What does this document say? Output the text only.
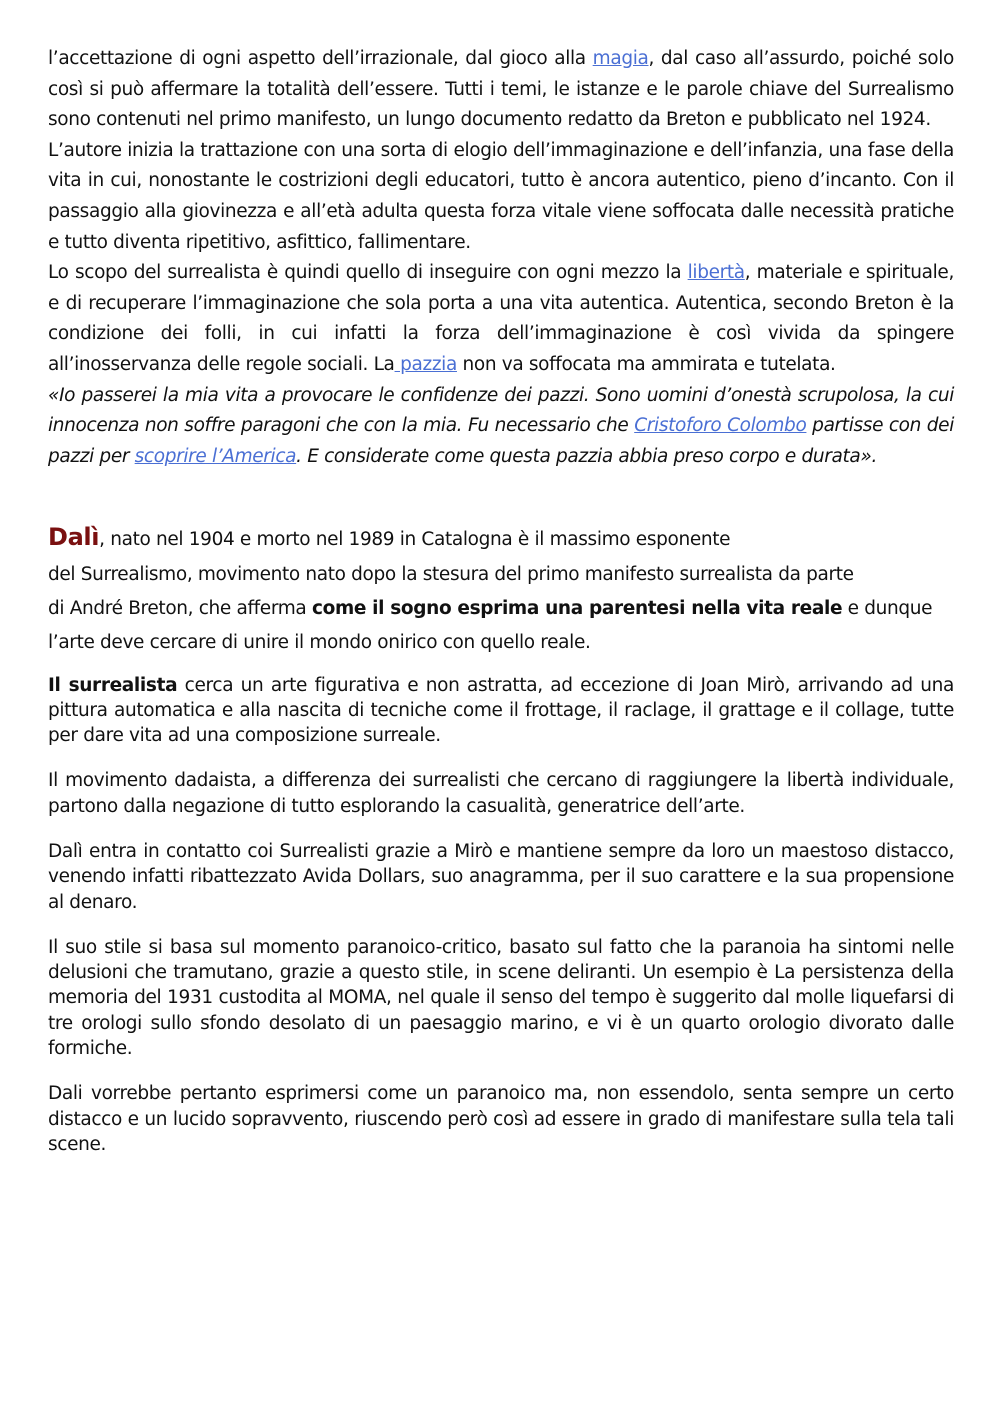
l’accettazione di ogni aspetto dell’irrazionale, dal gioco alla magia, dal caso all’assurdo, poiché solo così si può affermare la totalità dell’essere. Tutti i temi, le istanze e le parole chiave del Surrealismo sono contenuti nel primo manifesto, un lungo documento redatto da Breton e pubblicato nel 1924.

L’autore inizia la trattazione con una sorta di elogio dell’immaginazione e dell’infanzia, una fase della vita in cui, nonostante le costrizioni degli educatori, tutto è ancora autentico, pieno d’incanto. Con il passaggio alla giovinezza e all’età adulta questa forza vitale viene soffocata dalle necessità pratiche e tutto diventa ripetitivo, asfittico, fallimentare.

Lo scopo del surrealista è quindi quello di inseguire con ogni mezzo la libertà, materiale e spirituale, e di recuperare l’immaginazione che sola porta a una vita autentica. Autentica, secondo Breton è la condizione dei folli, in cui infatti la forza dell’immaginazione è così vivida da spingere all’inosservanza delle regole sociali. La pazzia non va soffocata ma ammirata e tutelata.

«Io passerei la mia vita a provocare le confidenze dei pazzi. Sono uomini d’onestà scrupolosa, la cui innocenza non soffre paragoni che con la mia. Fu necessario che Cristoforo Colombo partisse con dei pazzi per scoprire l’America. E considerate come questa pazzia abbia preso corpo e durata».

Dalì, nato nel 1904 e morto nel 1989 in Catalogna è il massimo esponente
del Surrealismo, movimento nato dopo la stesura del primo manifesto surrealista da parte
di André Breton, che afferma come il sogno esprima una parentesi nella vita reale e dunque
l’arte deve cercare di unire il mondo onirico con quello reale.

Il surrealista cerca un arte figurativa e non astratta, ad eccezione di Joan Mirò, arrivando ad una pittura automatica e alla nascita di tecniche come il frottage, il raclage, il grattage e il collage, tutte per dare vita ad una composizione surreale.

Il movimento dadaista, a differenza dei surrealisti che cercano di raggiungere la libertà individuale, partono dalla negazione di tutto esplorando la casualità, generatrice dell’arte.

Dalì entra in contatto coi Surrealisti grazie a Mirò e mantiene sempre da loro un maestoso distacco, venendo infatti ribattezzato Avida Dollars, suo anagramma, per il suo carattere e la sua propensione al denaro.

Il suo stile si basa sul momento paranoico-critico, basato sul fatto che la paranoia ha sintomi nelle delusioni che tramutano, grazie a questo stile, in scene deliranti. Un esempio è La persistenza della memoria del 1931 custodita al MOMA, nel quale il senso del tempo è suggerito dal molle liquefarsi di tre orologi sullo sfondo desolato di un paesaggio marino, e vi è un quarto orologio divorato dalle formiche.

Dali vorrebbe pertanto esprimersi come un paranoico ma, non essendolo, senta sempre un certo distacco e un lucido sopravvento, riuscendo però così ad essere in grado di manifestare sulla tela tali scene.
